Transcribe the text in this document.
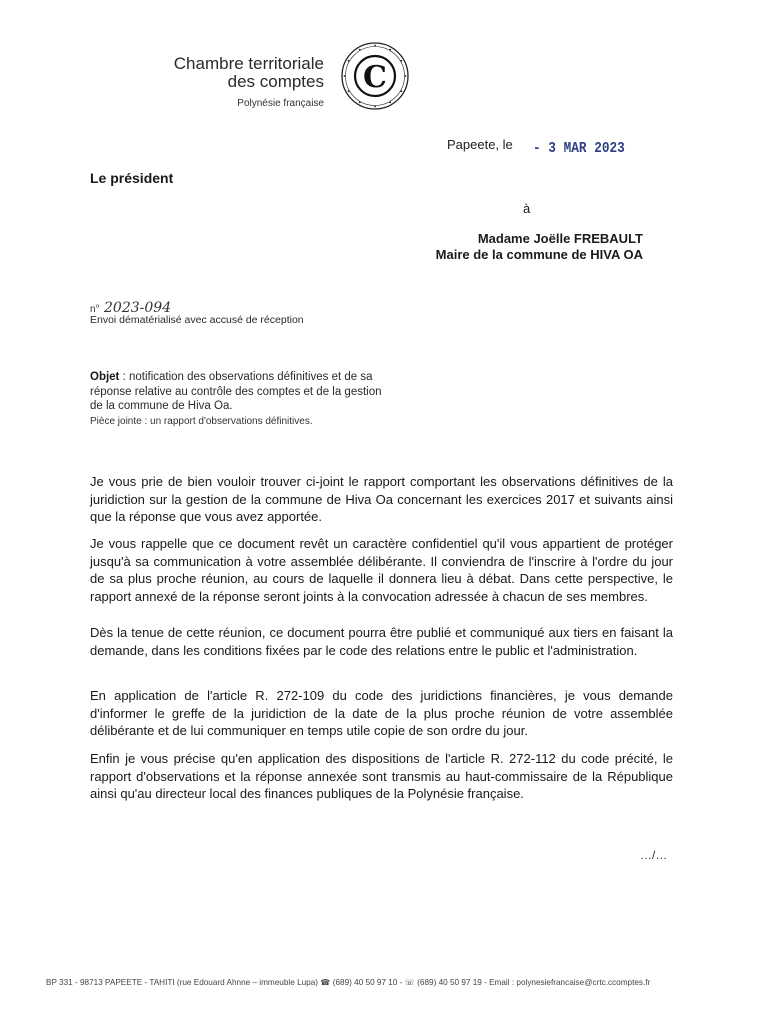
Chambre territoriale
des comptes
Polynésie française
C
Papeete, le - 3 MAR 2023
Le président
à
Madame Joëlle FREBAULT
Maire de la commune de HIVA OA
n° 2023-094
Envoi dématérialisé avec accusé de réception
Objet : notification des observations définitives et de sa réponse relative au contrôle des comptes et de la gestion de la commune de Hiva Oa.
Pièce jointe : un rapport d'observations définitives.
Je vous prie de bien vouloir trouver ci-joint le rapport comportant les observations définitives de la juridiction sur la gestion de la commune de Hiva Oa concernant les exercices 2017 et suivants ainsi que la réponse que vous avez apportée.
Je vous rappelle que ce document revêt un caractère confidentiel qu'il vous appartient de protéger jusqu'à sa communication à votre assemblée délibérante. Il conviendra de l'inscrire à l'ordre du jour de sa plus proche réunion, au cours de laquelle il donnera lieu à débat. Dans cette perspective, le rapport annexé de la réponse seront joints à la convocation adressée à chacun de ses membres.
Dès la tenue de cette réunion, ce document pourra être publié et communiqué aux tiers en faisant la demande, dans les conditions fixées par le code des relations entre le public et l'administration.
En application de l'article R. 272-109 du code des juridictions financières, je vous demande d'informer le greffe de la juridiction de la date de la plus proche réunion de votre assemblée délibérante et de lui communiquer en temps utile copie de son ordre du jour.
Enfin je vous précise qu'en application des dispositions de l'article R. 272-112 du code précité, le rapport d'observations et la réponse annexée sont transmis au haut-commissaire de la République ainsi qu'au directeur local des finances publiques de la Polynésie française.
…/…
BP 331 - 98713 PAPEETE - TAHITI (rue Edouard Ahnne – immeuble Lupa) ☎ (689) 40 50 97 10 - ☏ (689) 40 50 97 19 - Email : polynesiefrancaise@crtc.ccomptes.fr
